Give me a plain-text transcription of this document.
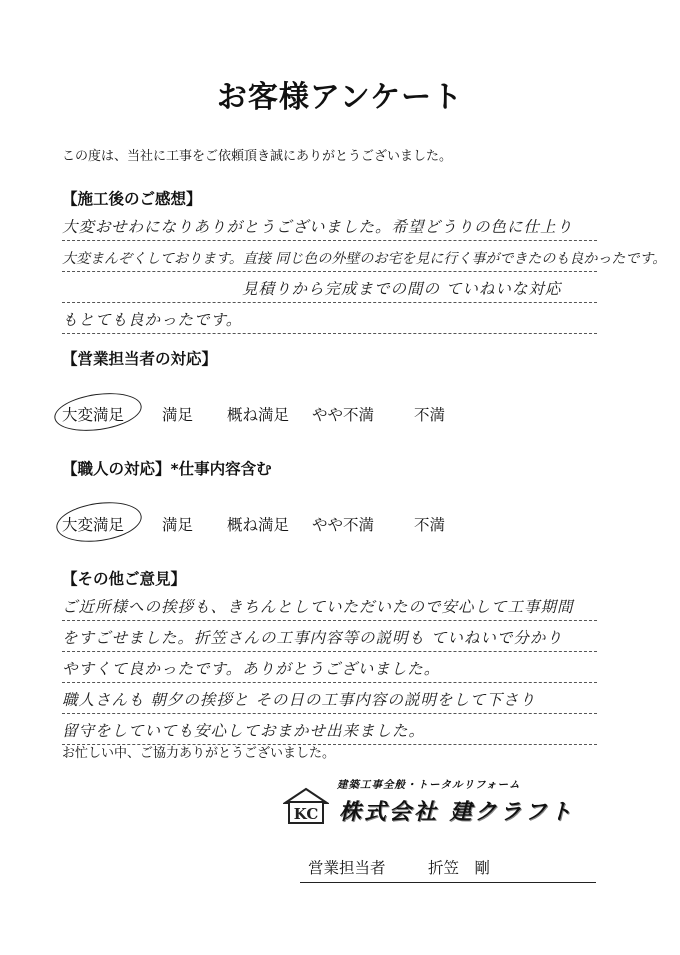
お客様アンケート
この度は、当社に工事をご依頼頂き誠にありがとうございました。
【施工後のご感想】
大変おせわになりありがとうございました。希望どうりの色に仕上り
大変まんぞくしております。直接 同じ色の外壁のお宅を見に行く事ができたのも良かったです。
見積りから完成までの間の ていねいな対応
もとても良かったです。
【営業担当者の対応】
大変満足 満足 概ね満足 やや不満	不満
【職人の対応】*仕事内容含む
大変満足 満足 概ね満足 やや不満	不満
【その他ご意見】
ご近所様への挨拶も、きちんとしていただいたので安心して工事期間
をすごせました。折笠さんの工事内容等の説明も ていねいで分かり
やすくて良かったです。ありがとうございました。
職人さんも 朝夕の挨拶と その日の工事内容の説明をして下さり
留守をしていても安心しておまかせ出来ました。
お忙しい中、ご協力ありがとうございました。
KC
建築工事全般・トータルリフォーム
株式会社 建クラフト
営業担当者	折笠　剛
